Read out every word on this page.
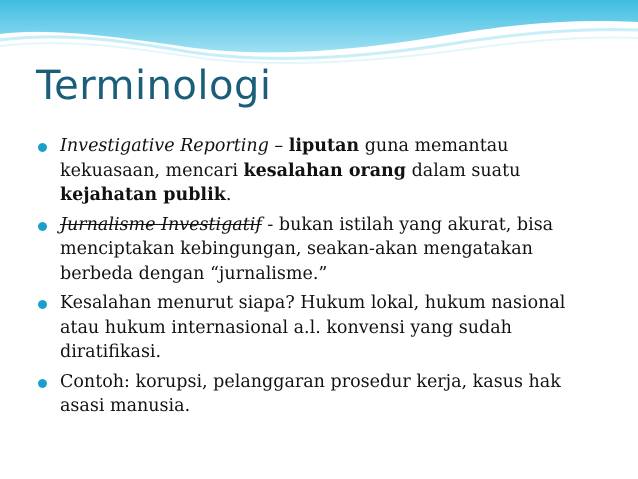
Terminologi
Investigative Reporting – liputan guna memantau kekuasaan, mencari kesalahan orang dalam suatu kejahatan publik.
Jurnalisme Investigatif - bukan istilah yang akurat, bisa menciptakan kebingungan, seakan-akan mengatakan berbeda dengan “jurnalisme.”
Kesalahan menurut siapa? Hukum lokal, hukum nasional atau hukum internasional a.l. konvensi yang sudah diratifikasi.
Contoh: korupsi, pelanggaran prosedur kerja, kasus hak asasi manusia.
